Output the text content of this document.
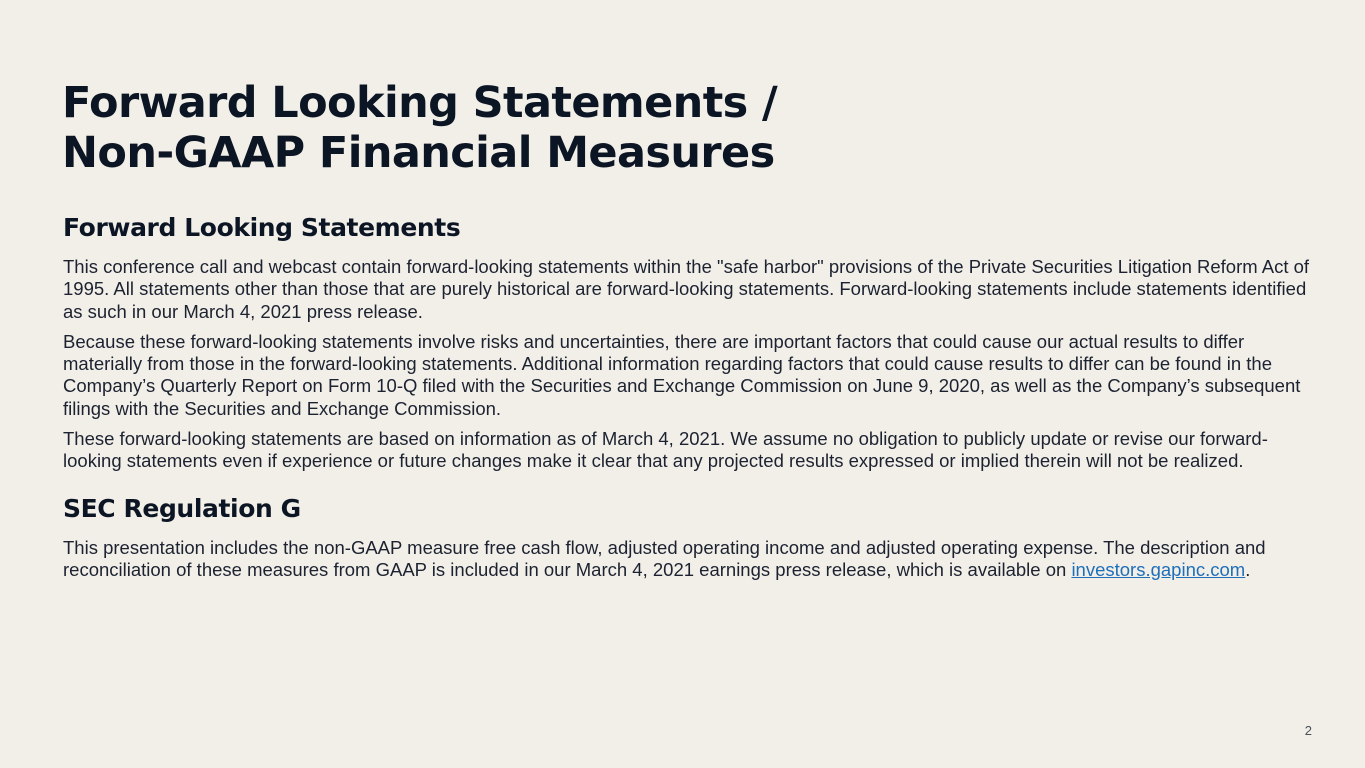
Forward Looking Statements /
Non-GAAP Financial Measures
Forward Looking Statements

This conference call and webcast contain forward-looking statements within the "safe harbor" provisions of the Private Securities Litigation Reform Act of 1995. All statements other than those that are purely historical are forward-looking statements. Forward-looking statements include statements identified as such in our March 4, 2021 press release.

Because these forward-looking statements involve risks and uncertainties, there are important factors that could cause our actual results to differ materially from those in the forward-looking statements. Additional information regarding factors that could cause results to differ can be found in the Company’s Quarterly Report on Form 10-Q filed with the Securities and Exchange Commission on June 9, 2020, as well as the Company’s subsequent filings with the Securities and Exchange Commission.

These forward-looking statements are based on information as of March 4, 2021. We assume no obligation to publicly update or revise our forward-looking statements even if experience or future changes make it clear that any projected results expressed or implied therein will not be realized.

SEC Regulation G

This presentation includes the non-GAAP measure free cash flow, adjusted operating income and adjusted operating expense. The description and reconciliation of these measures from GAAP is included in our March 4, 2021 earnings press release, which is available on investors.gapinc.com.

2
